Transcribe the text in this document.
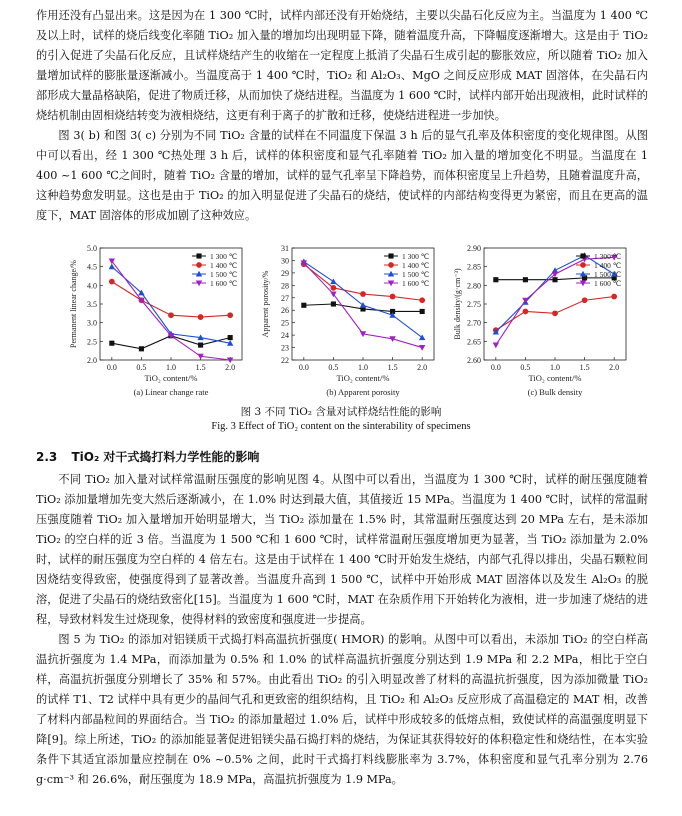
作用还没有凸显出来。这是因为在 1 300 ℃时，试样内部还没有开始烧结，主要以尖晶石化反应为主。当温度为 1 400 ℃及以上时，试样的烧后线变化率随 TiO₂ 加入量的增加均出现明显下降，随着温度升高，下降幅度逐渐增大。这是由于 TiO₂ 的引入促进了尖晶石化反应，且试样烧结产生的收缩在一定程度上抵消了尖晶石生成引起的膨胀效应，所以随着 TiO₂ 加入量增加试样的膨胀量逐渐减小。当温度高于 1 400 ℃时，TiO₂ 和 Al₂O₃、MgO 之间反应形成 MAT 固溶体，在尖晶石内部形成大量晶格缺陷，促进了物质迁移，从而加快了烧结进程。当温度为 1 600 ℃时，试样内部开始出现液相，此时试样的烧结机制由固相烧结转变为液相烧结，这更有利于离子的扩散和迁移，使烧结进程进一步加快。

图 3( b) 和图 3( c) 分别为不同 TiO₂ 含量的试样在不同温度下保温 3 h 后的显气孔率及体积密度的变化规律图。从图中可以看出，经 1 300 ℃热处理 3 h 后，试样的体积密度和显气孔率随着 TiO₂ 加入量的增加变化不明显。当温度在 1 400 ~1 600 ℃之间时，随着 TiO₂ 含量的增加，试样的显气孔率呈下降趋势，而体积密度呈上升趋势，且随着温度升高，这种趋势愈发明显。这也是由于 TiO₂ 的加入明显促进了尖晶石的烧结，使试样的内部结构变得更为紧密，而且在更高的温度下，MAT 固溶体的形成加剧了这种效应。

2.0
2.5
3.0
3.5
4.0
4.5
5.0
0.0 0.5 1.0 1.5 2.0
TiO₂ content/%
(a) Linear change rate
Permanent linear change/%
1 300 ℃
1 400 ℃
1 500 ℃
1 600 ℃
22
23
24
25
26
27
28
29
30
31
0.0 0.5 1.0 1.5 2.0
TiO₂ content/%
(b) Apparent porosity
Apparent porosity/%
1 300 ℃
1 400 ℃
1 500 ℃
1 600 ℃
2.60
2.65
2.70
2.75
2.80
2.85
2.90
0.0 0.5 1.0 1.5 2.0
TiO₂ content/%
(c) Bulk density
Bulk density/(g·cm⁻³)
1 300 ℃
1 400 ℃
1 500 ℃
1 600 ℃
图 3 不同 TiO₂ 含量对试样烧结性能的影响
Fig. 3 Effect of TiO₂ content on the sinterability of specimens
2.3 TiO₂ 对干式捣打料力学性能的影响

不同 TiO₂ 加入量对试样常温耐压强度的影响见图 4。从图中可以看出，当温度为 1 300 ℃时，试样的耐压强度随着 TiO₂ 添加量增加先变大然后逐渐减小，在 1.0% 时达到最大值，其值接近 15 MPa。当温度为 1 400 ℃时，试样的常温耐压强度随着 TiO₂ 加入量增加开始明显增大，当 TiO₂ 添加量在 1.5% 时，其常温耐压强度达到 20 MPa 左右，是未添加 TiO₂ 的空白样的近 3 倍。当温度为 1 500 ℃和 1 600 ℃时，试样常温耐压强度增加更为显著，当 TiO₂ 添加量为 2.0% 时，试样的耐压强度为空白样的 4 倍左右。这是由于试样在 1 400 ℃时开始发生烧结，内部气孔得以排出，尖晶石颗粒间因烧结变得致密，使强度得到了显著改善。当温度升高到 1 500 ℃，试样中开始形成 MAT 固溶体以及发生 Al₂O₃ 的脱溶，促进了尖晶石的烧结致密化[15]。当温度为 1 600 ℃时，MAT 在杂质作用下开始转化为液相，进一步加速了烧结的进程，导致材料发生过烧现象，使得材料的致密度和强度进一步提高。

图 5 为 TiO₂ 的添加对铝镁质干式捣打料高温抗折强度( HMOR) 的影响。从图中可以看出，未添加 TiO₂ 的空白样高温抗折强度为 1.4 MPa，而添加量为 0.5% 和 1.0% 的试样高温抗折强度分别达到 1.9 MPa 和 2.2 MPa，相比于空白样，高温抗折强度分别增长了 35% 和 57%。由此看出 TiO₂ 的引入明显改善了材料的高温抗折强度，因为添加微量 TiO₂ 的试样 T1、T2 试样中具有更少的晶间气孔和更致密的组织结构，且 TiO₂ 和 Al₂O₃ 反应形成了高温稳定的 MAT 相，改善了材料内部晶粒间的界面结合。当 TiO₂ 的添加量超过 1.0% 后，试样中形成较多的低熔点相，致使试样的高温强度明显下降[9]。综上所述，TiO₂ 的添加能显著促进铝镁尖晶石捣打料的烧结，为保证其获得较好的体积稳定性和烧结性，在本实验条件下其适宜添加量应控制在 0% ~0.5% 之间，此时干式捣打料线膨胀率为 3.7%，体积密度和显气孔率分别为 2.76 g·cm⁻³ 和 26.6%，耐压强度为 18.9 MPa，高温抗折强度为 1.9 MPa。
